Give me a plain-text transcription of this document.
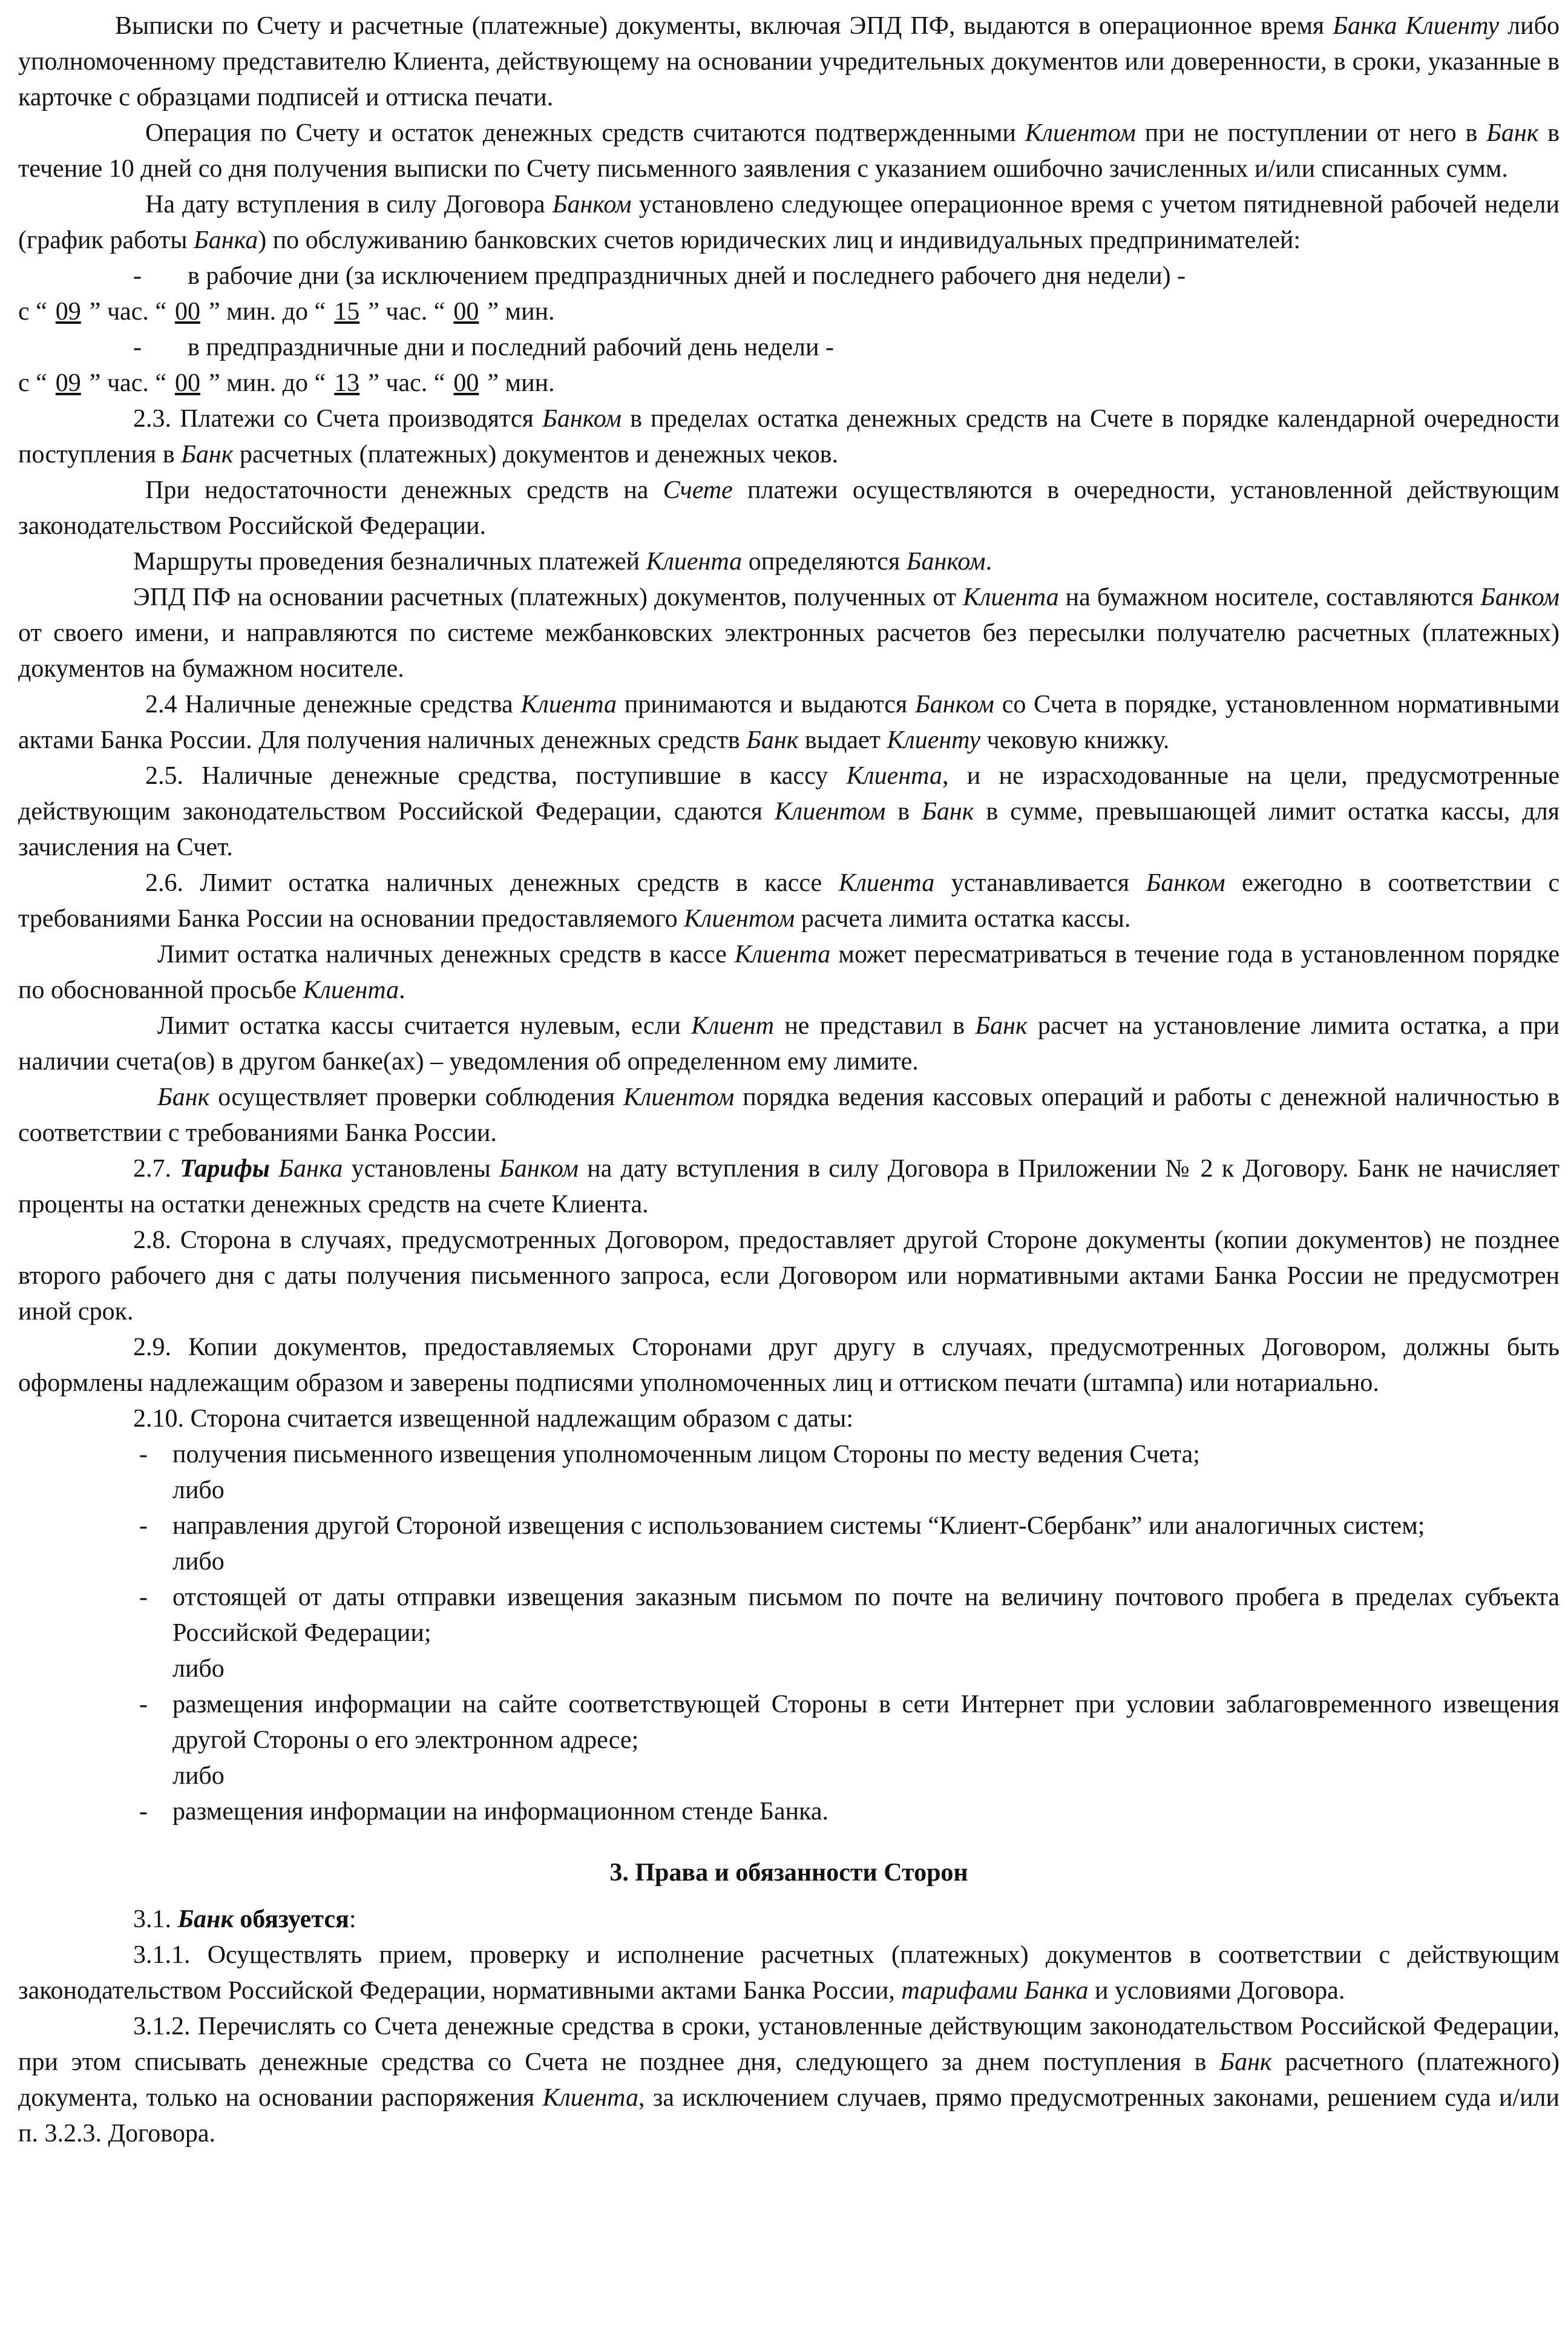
Выписки по Счету и расчетные (платежные) документы, включая ЭПД ПФ, выдаются в операционное время Банка Клиенту либо уполномоченному представителю Клиента, действующему на основании учредительных документов или доверенности, в сроки, указанные в карточке с образцами подписей и оттиска печати.

Операция по Счету и остаток денежных средств считаются подтвержденными Клиентом при не поступлении от него в Банк в течение 10 дней со дня получения выписки по Счету письменного заявления с указанием ошибочно зачисленных и/или списанных сумм.

На дату вступления в силу Договора Банком установлено следующее операционное время с учетом пятидневной рабочей недели (график работы Банка) по обслуживанию банковских счетов юридических лиц и индивидуальных предпринимателей:

-	в рабочие дни (за исключением предпраздничных дней и последнего рабочего дня недели) -

с “ 09 ” час. “ 00 ” мин. до “ 15 ” час. “ 00 ” мин.

-	в предпраздничные дни и последний рабочий день недели -

с “ 09 ” час. “ 00 ” мин. до “ 13 ” час. “ 00 ” мин.

2.3. Платежи со Счета производятся Банком в пределах остатка денежных средств на Счете в порядке календарной очередности поступления в Банк расчетных (платежных) документов и денежных чеков.

При недостаточности денежных средств на Счете платежи осуществляются в очередности, установленной действующим законодательством Российской Федерации.

Маршруты проведения безналичных платежей Клиента определяются Банком.

ЭПД ПФ на основании расчетных (платежных) документов, полученных от Клиента на бумажном носителе, составляются Банком от своего имени, и направляются по системе межбанковских электронных расчетов без пересылки получателю расчетных (платежных) документов на бумажном носителе.

2.4 Наличные денежные средства Клиента принимаются и выдаются Банком со Счета в порядке, установленном нормативными актами Банка России. Для получения наличных денежных средств Банк выдает Клиенту чековую книжку.

2.5. Наличные денежные средства, поступившие в кассу Клиента, и не израсходованные на цели, предусмотренные действующим законодательством Российской Федерации, сдаются Клиентом в Банк в сумме, превышающей лимит остатка кассы, для зачисления на Счет.

2.6. Лимит остатка наличных денежных средств в кассе Клиента устанавливается Банком ежегодно в соответствии с требованиями Банка России на основании предоставляемого Клиентом расчета лимита остатка кассы.

Лимит остатка наличных денежных средств в кассе Клиента может пересматриваться в течение года в установленном порядке по обоснованной просьбе Клиента.

Лимит остатка кассы считается нулевым, если Клиент не представил в Банк расчет на установление лимита остатка, а при наличии счета(ов) в другом банке(ах) – уведомления об определенном ему лимите.

Банк осуществляет проверки соблюдения Клиентом порядка ведения кассовых операций и работы с денежной наличностью в соответствии с требованиями Банка России.

2.7. Тарифы Банка установлены Банком на дату вступления в силу Договора в Приложении № 2 к Договору. Банк не начисляет проценты на остатки денежных средств на счете Клиента.

2.8. Сторона в случаях, предусмотренных Договором, предоставляет другой Стороне документы (копии документов) не позднее второго рабочего дня с даты получения письменного запроса, если Договором или нормативными актами Банка России не предусмотрен иной срок.

2.9. Копии документов, предоставляемых Сторонами друг другу в случаях, предусмотренных Договором, должны быть оформлены надлежащим образом и заверены подписями уполномоченных лиц и оттиском печати (штампа) или нотариально.

2.10. Сторона считается извещенной надлежащим образом с даты:

- получения письменного извещения уполномоченным лицом Стороны по месту ведения Счета;

либо

- направления другой Стороной извещения с использованием системы “Клиент-Сбербанк” или аналогичных систем;

либо

- отстоящей от даты отправки извещения заказным письмом по почте на величину почтового пробега в пределах субъекта Российской Федерации;

либо

- размещения информации на сайте соответствующей Стороны в сети Интернет при условии заблаговременного извещения другой Стороны о его электронном адресе;

либо

- размещения информации на информационном стенде Банка.

3. Права и обязанности Сторон

3.1. Банк обязуется:

3.1.1. Осуществлять прием, проверку и исполнение расчетных (платежных) документов в соответствии с действующим законодательством Российской Федерации, нормативными актами Банка России, тарифами Банка и условиями Договора.

3.1.2. Перечислять со Счета денежные средства в сроки, установленные действующим законодательством Российской Федерации, при этом списывать денежные средства со Счета не позднее дня, следующего за днем поступления в Банк расчетного (платежного) документа, только на основании распоряжения Клиента, за исключением случаев, прямо предусмотренных законами, решением суда и/или п. 3.2.3. Договора.
